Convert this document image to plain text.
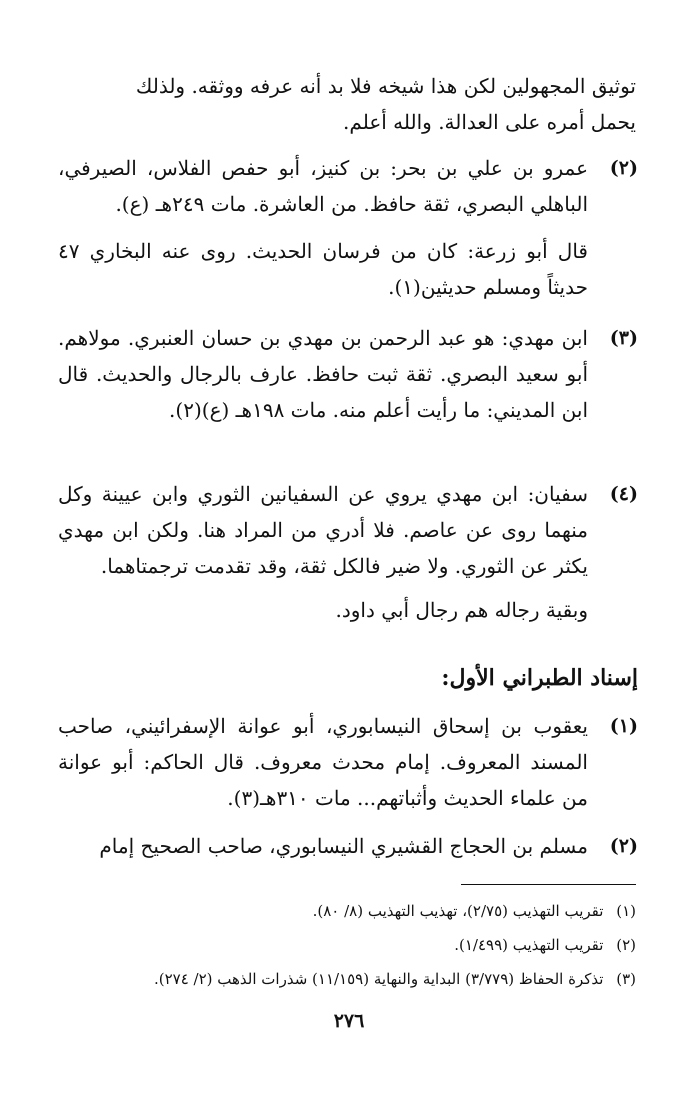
توثيق المجهولين لكن هذا شيخه فلا بد أنه عرفه ووثقه. ولذلك
يحمل أمره على العدالة. والله أعلم.

(٢)

عمرو بن علي بن بحر: بن كنيز، أبو حفص الفلاس، الصيرفي، الباهلي البصري، ثقة حافظ. من العاشرة. مات ٢٤٩هـ (ع).

قال أبو زرعة: كان من فرسان الحديث. روى عنه البخاري ٤٧ حديثاً ومسلم حديثين(١).

(٣)

ابن مهدي: هو عبد الرحمن بن مهدي بن حسان العنبري. مولاهم. أبو سعيد البصري. ثقة ثبت حافظ. عارف بالرجال والحديث. قال ابن المديني: ما رأيت أعلم منه. مات ١٩٨هـ (ع)(٢).

(٤)

سفيان: ابن مهدي يروي عن السفيانين الثوري وابن عيينة وكل منهما روى عن عاصم. فلا أدري من المراد هنا. ولكن ابن مهدي يكثر عن الثوري. ولا ضير فالكل ثقة، وقد تقدمت ترجمتاهما.

وبقية رجاله هم رجال أبي داود.

إسناد الطبراني الأول:
(١)

يعقوب بن إسحاق النيسابوري، أبو عوانة الإسفرائيني، صاحب المسند المعروف. إمام محدث معروف. قال الحاكم: أبو عوانة من علماء الحديث وأثباتهم... مات ٣١٠هـ(٣).

(٢)

مسلم بن الحجاج القشيري النيسابوري، صاحب الصحيح إمام

(١) تقريب التهذيب (٢/٧٥)، تهذيب التهذيب (٨/ ٨٠).

(٢) تقريب التهذيب (١/٤٩٩).

(٣) تذكرة الحفاظ (٣/٧٧٩) البداية والنهاية (١١/١٥٩) شذرات الذهب (٢/ ٢٧٤).

٢٧٦
